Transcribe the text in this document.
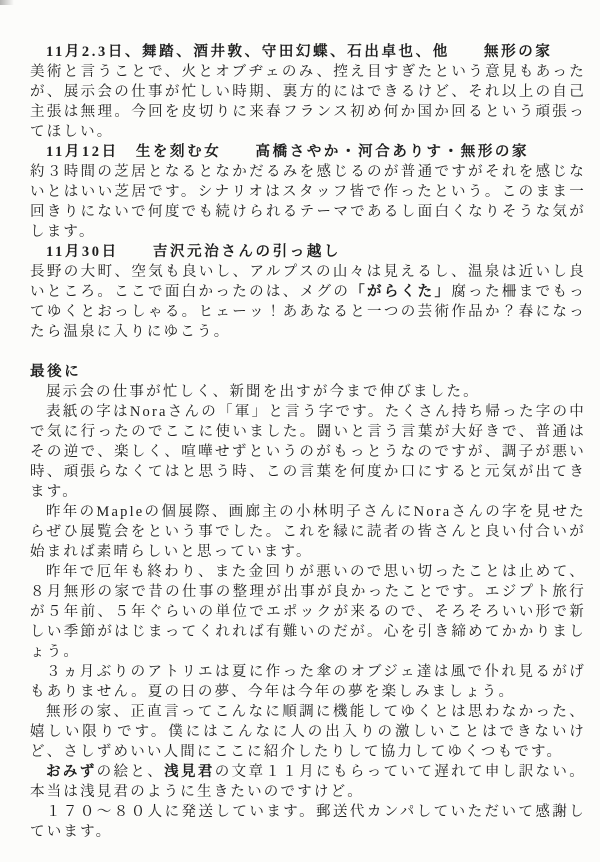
11月2.3日、舞踏、酒井敦、守田幻蝶、石出卓也、他　　無形の家

美術と言うことで、火とオブヂェのみ、控え目すぎたという意見もあったが、展示会の仕事が忙しい時期、裏方的にはできるけど、それ以上の自己主張は無理。今回を皮切りに来春フランス初め何か国か回るという頑張ってほしい。

11月12日　生を刻む女　　高橋さやか・河合ありす・無形の家

約３時間の芝居となるとなかだるみを感じるのが普通ですがそれを感じないとはいい芝居です。シナリオはスタッフ皆で作ったという。このまま一回きりにないで何度でも続けられるテーマであるし面白くなりそうな気がします。

11月30日　　吉沢元治さんの引っ越し

長野の大町、空気も良いし、アルプスの山々は見えるし、温泉は近いし良いところ。ここで面白かったのは、メグの「がらくた」腐った柵までもってゆくとおっしゃる。ヒェーッ！ああなると一つの芸術作品か？春になったら温泉に入りにゆこう。

最後に

展示会の仕事が忙しく、新聞を出すが今まで伸びました。

表紙の字はNoraさんの「軍」と言う字です。たくさん持ち帰った字の中で気に行ったのでここに使いました。闘いと言う言葉が大好きで、普通はその逆で、楽しく、喧嘩せずというのがもっとうなのですが、調子が悪い時、頑張らなくてはと思う時、この言葉を何度か口にすると元気が出てきます。

昨年のMapleの個展際、画廊主の小林明子さんにNoraさんの字を見せたらぜひ展覧会をという事でした。これを縁に読者の皆さんと良い付合いが始まれば素晴らしいと思っています。

昨年で厄年も終わり、また金回りが悪いので思い切ったことは止めて、８月無形の家で昔の仕事の整理が出事が良かったことです。エジプト旅行が５年前、５年ぐらいの単位でエポックが来るので、そろそろいい形で新しい季節がはじまってくれれば有難いのだが。心を引き締めてかかりましょう。

３ヵ月ぶりのアトリエは夏に作った傘のオブジェ達は風で仆れ見るがげもありません。夏の日の夢、今年は今年の夢を楽しみましょう。

無形の家、正直言ってこんなに順調に機能してゆくとは思わなかった、嬉しい限りです。僕にはこんなに人の出入りの激しいことはできないけど、さしずめいい人間にここに紹介したりして協力してゆくつもです。

おみずの絵と、浅見君の文章１１月にもらっていて遅れて申し訳ない。本当は浅見君のように生きたいのですけど。

１７０～８０人に発送しています。郵送代カンパしていただいて感謝しています。
